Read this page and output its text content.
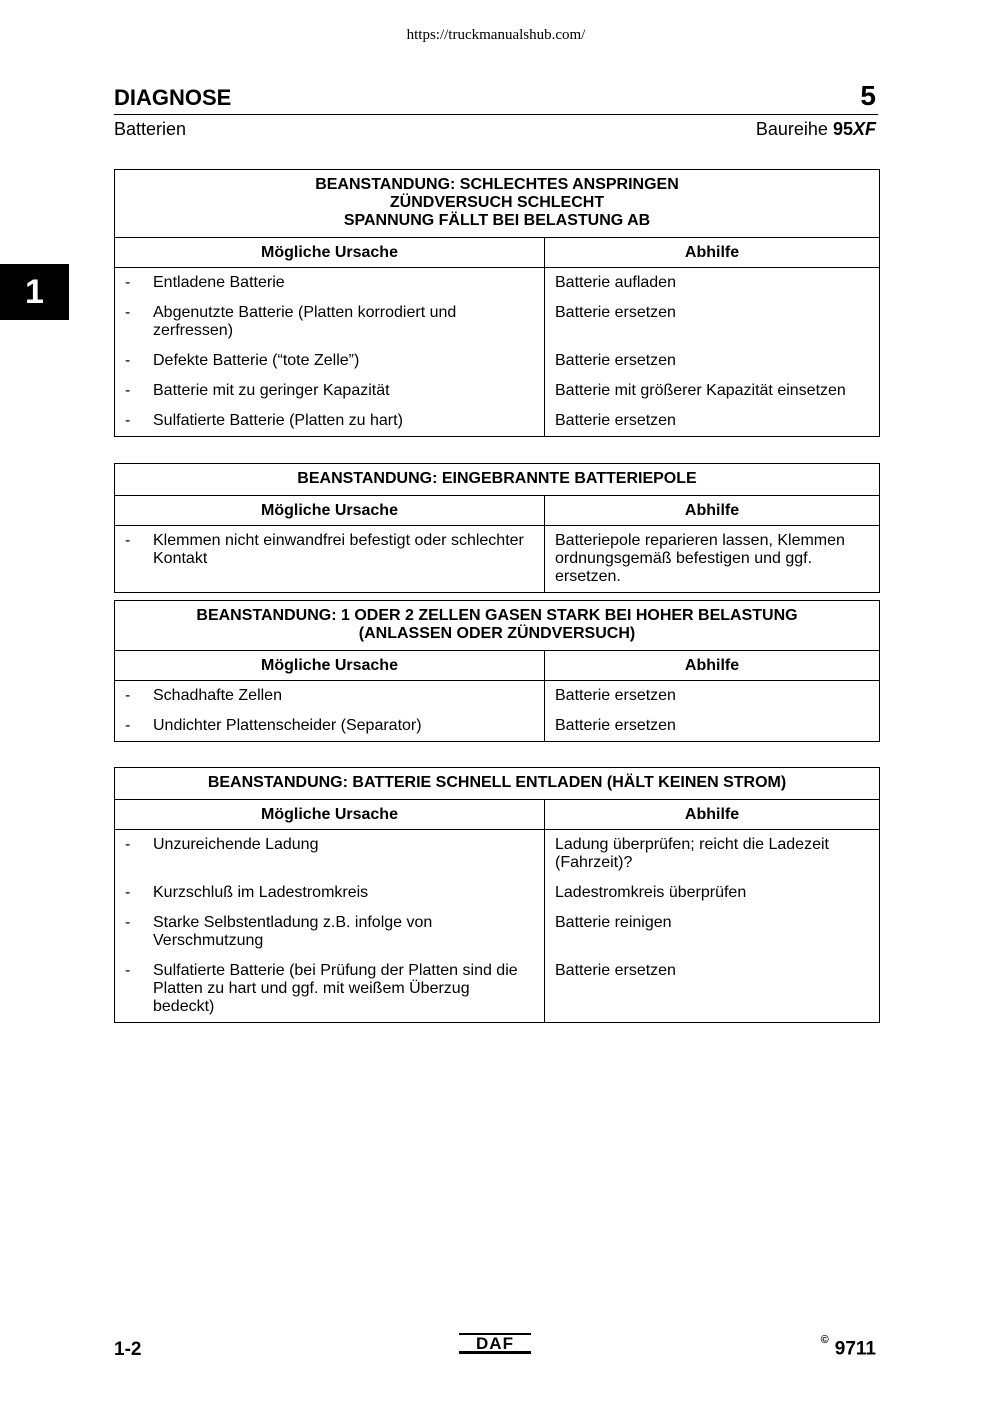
https://truckmanualshub.com/
DIAGNOSE	5
Batterien	Baureihe 95XF
1
BEANSTANDUNG: SCHLECHTES ANSPRINGEN
ZÜNDVERSUCH SCHLECHT
SPANNUNG FÄLLT BEI BELASTUNG AB	

Mögliche Ursache	Abhilfe

- Entladene Batterie	Batterie aufladen

- Abgenutzte Batterie (Platten korrodiert und zerfressen)	Batterie ersetzen

- Defekte Batterie (“tote Zelle”)	Batterie ersetzen

- Batterie mit zu geringer Kapazität	Batterie mit größerer Kapazität einsetzen

- Sulfatierte Batterie (Platten zu hart)	Batterie ersetzen
BEANSTANDUNG: EINGEBRANNTE BATTERIEPOLE	

Mögliche Ursache	Abhilfe

- Klemmen nicht einwandfrei befestigt oder schlechter Kontakt	Batteriepole reparieren lassen, Klemmen ordnungsgemäß befestigen und ggf. ersetzen.
BEANSTANDUNG: 1 ODER 2 ZELLEN GASEN STARK BEI HOHER BELASTUNG
(ANLASSEN ODER ZÜNDVERSUCH)	

Mögliche Ursache	Abhilfe

- Schadhafte Zellen	Batterie ersetzen

- Undichter Plattenscheider (Separator)	Batterie ersetzen
BEANSTANDUNG: BATTERIE SCHNELL ENTLADEN (HÄLT KEINEN STROM)	

Mögliche Ursache	Abhilfe

- Unzureichende Ladung	Ladung überprüfen; reicht die Ladezeit (Fahrzeit)?

- Kurzschluß im Ladestromkreis	Ladestromkreis überprüfen

- Starke Selbstentladung z.B. infolge von Verschmutzung	Batterie reinigen

- Sulfatierte Batterie (bei Prüfung der Platten sind die Platten zu hart und ggf. mit weißem Überzug bedeckt)	Batterie ersetzen
1-2	DAF	© 9711
